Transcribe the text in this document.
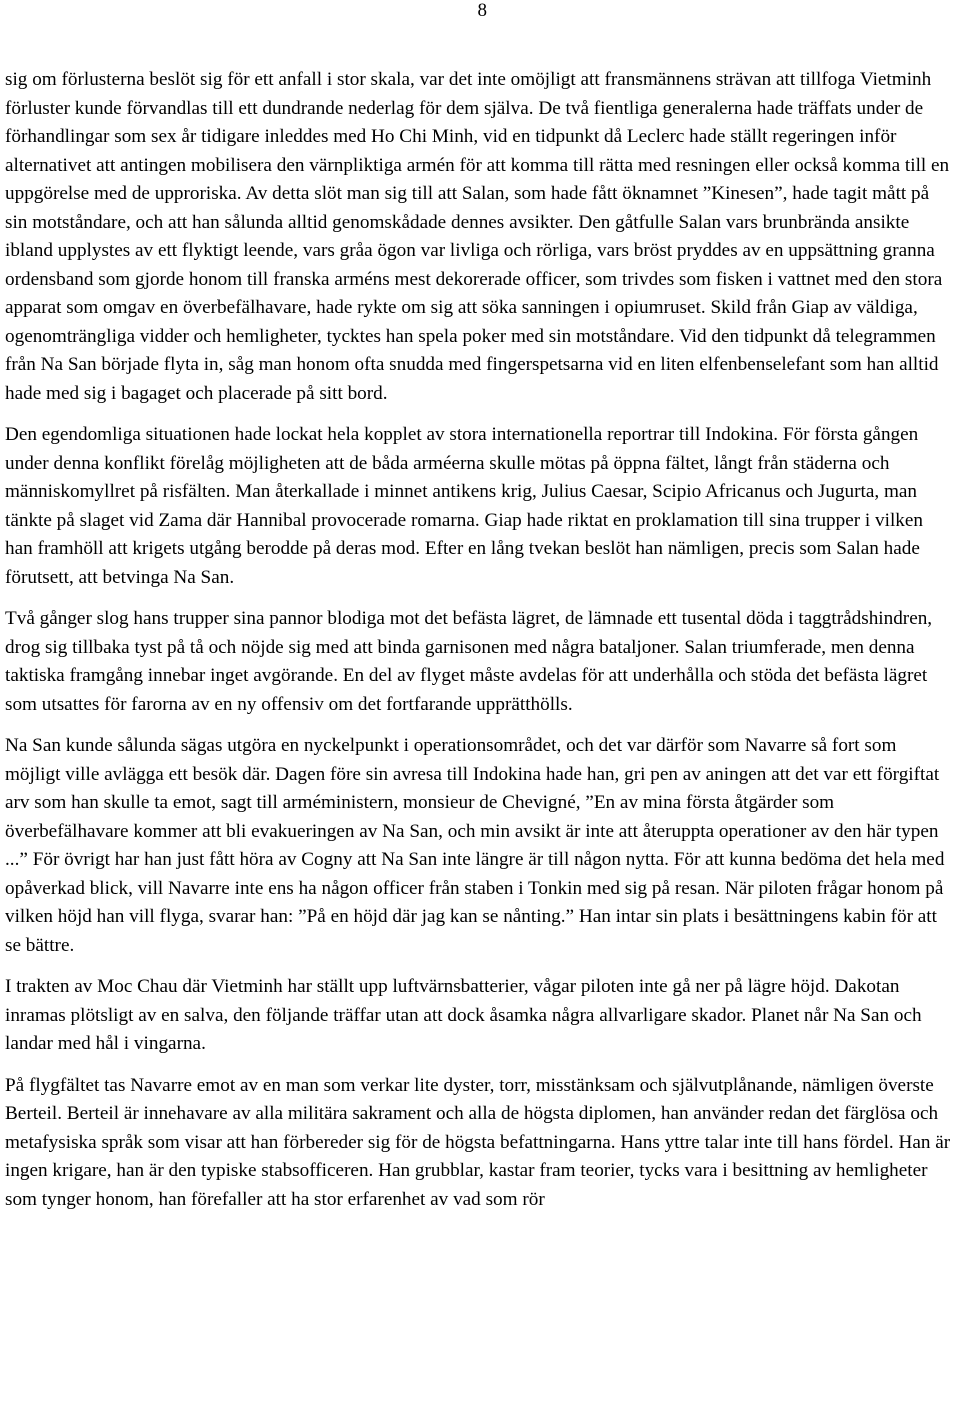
8

sig om förlusterna beslöt sig för ett anfall i stor skala, var det inte omöjligt att fransmännens strävan att tillfoga Vietminh förluster kunde förvandlas till ett dundrande nederlag för dem själva. De två fientliga generalerna hade träffats under de förhandlingar som sex år tidigare inleddes med Ho Chi Minh, vid en tidpunkt då Leclerc hade ställt regeringen inför alternativet att antingen mobilisera den värnpliktiga armén för att komma till rätta med resningen eller också komma till en uppgörelse med de upproriska. Av detta slöt man sig till att Salan, som hade fått öknamnet ”Kinesen”, hade tagit mått på sin motståndare, och att han sålunda alltid genomskådade dennes avsikter. Den gåtfulle Salan vars brunbrända ansikte ibland upplystes av ett flyktigt leende, vars gråa ögon var livliga och rörliga, vars bröst pryddes av en uppsättning granna ordensband som gjorde honom till franska arméns mest dekorerade officer, som trivdes som fisken i vattnet med den stora apparat som omgav en överbefälhavare, hade rykte om sig att söka sanningen i opiumruset. Skild från Giap av väldiga, ogenomträngliga vidder och hemligheter, tycktes han spela poker med sin motståndare. Vid den tidpunkt då telegrammen från Na San började flyta in, såg man honom ofta snudda med fingerspetsarna vid en liten elfenbenselefant som han alltid hade med sig i bagaget och placerade på sitt bord.

Den egendomliga situationen hade lockat hela kopplet av stora internationella reportrar till Indokina. För första gången under denna konflikt förelåg möjligheten att de båda arméerna skulle mötas på öppna fältet, långt från städerna och människomyllret på risfälten. Man återkallade i minnet antikens krig, Julius Caesar, Scipio Africanus och Jugurta, man tänkte på slaget vid Zama där Hannibal provocerade romarna. Giap hade riktat en proklamation till sina trupper i vilken han framhöll att krigets utgång berodde på deras mod. Efter en lång tvekan beslöt han nämligen, precis som Salan hade förutsett, att betvinga Na San.

Två gånger slog hans trupper sina pannor blodiga mot det befästa lägret, de lämnade ett tusental döda i taggtrådshindren, drog sig tillbaka tyst på tå och nöjde sig med att binda garnisonen med några bataljoner. Salan triumferade, men denna taktiska framgång innebar inget avgörande. En del av flyget måste avdelas för att underhålla och stöda det befästa lägret som utsattes för farorna av en ny offensiv om det fortfarande upprätthölls.

Na San kunde sålunda sägas utgöra en nyckelpunkt i operationsområdet, och det var därför som Navarre så fort som möjligt ville avlägga ett besök där. Dagen före sin avresa till Indokina hade han, gri pen av aningen att det var ett förgiftat arv som han skulle ta emot, sagt till arméministern, monsieur de Chevigné, ”En av mina första åtgärder som överbefälhavare kommer att bli evakueringen av Na San, och min avsikt är inte att återuppta operationer av den här typen ...” För övrigt har han just fått höra av Cogny att Na San inte längre är till någon nytta. För att kunna bedöma det hela med opåverkad blick, vill Navarre inte ens ha någon officer från staben i Tonkin med sig på resan. När piloten frågar honom på vilken höjd han vill flyga, svarar han: ”På en höjd där jag kan se nånting.” Han intar sin plats i besättningens kabin för att se bättre.

I trakten av Moc Chau där Vietminh har ställt upp luftvärnsbatterier, vågar piloten inte gå ner på lägre höjd. Dakotan inramas plötsligt av en salva, den följande träffar utan att dock åsamka några allvarligare skador. Planet når Na San och landar med hål i vingarna.

På flygfältet tas Navarre emot av en man som verkar lite dyster, torr, misstänksam och självutplånande, nämligen överste Berteil. Berteil är innehavare av alla militära sakrament och alla de högsta diplomen, han använder redan det färglösa och metafysiska språk som visar att han förbereder sig för de högsta befattningarna. Hans yttre talar inte till hans fördel. Han är ingen krigare, han är den typiske stabsofficeren. Han grubblar, kastar fram teorier, tycks vara i besittning av hemligheter som tynger honom, han förefaller att ha stor erfarenhet av vad som rör
